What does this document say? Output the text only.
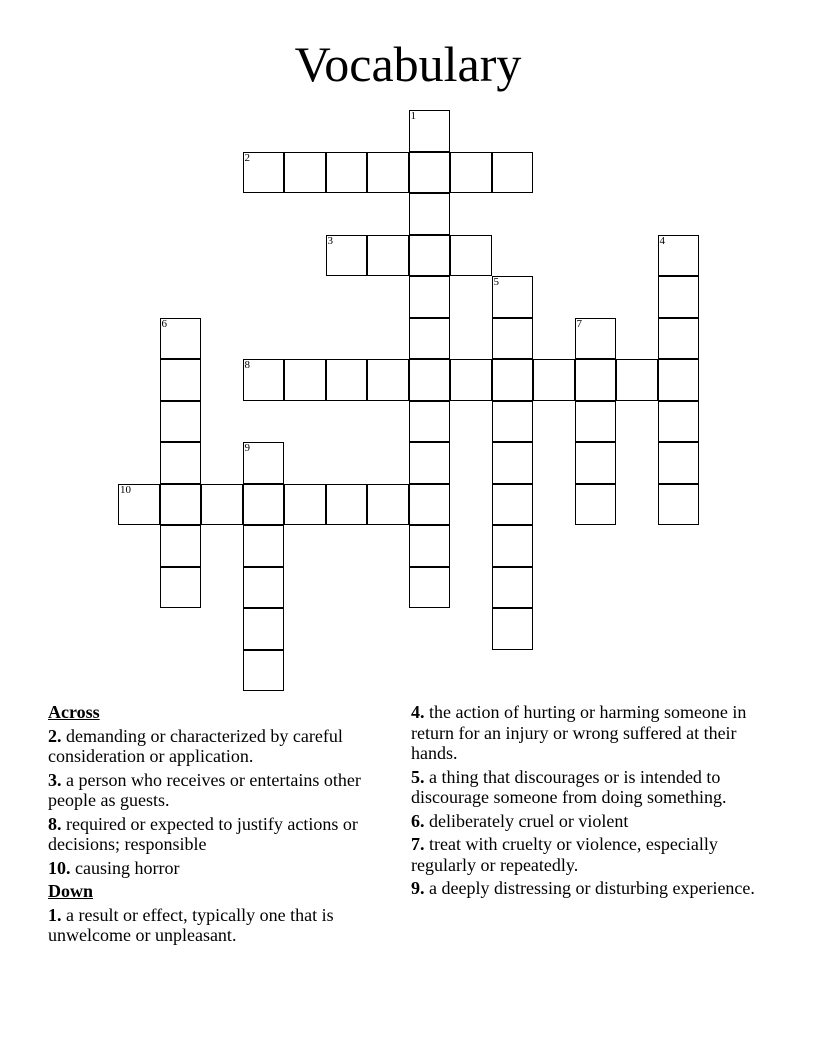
Vocabulary
1
2
3	4
5
6	7
8
9
10
Across
2. demanding or characterized by careful consideration or application.
3. a person who receives or entertains other people as guests.
8. required or expected to justify actions or decisions; responsible
10. causing horror
Down
1. a result or effect, typically one that is unwelcome or unpleasant.
4. the action of hurting or harming someone in return for an injury or wrong suffered at their hands.
5. a thing that discourages or is intended to discourage someone from doing something.
6. deliberately cruel or violent
7. treat with cruelty or violence, especially regularly or repeatedly.
9. a deeply distressing or disturbing experience.
